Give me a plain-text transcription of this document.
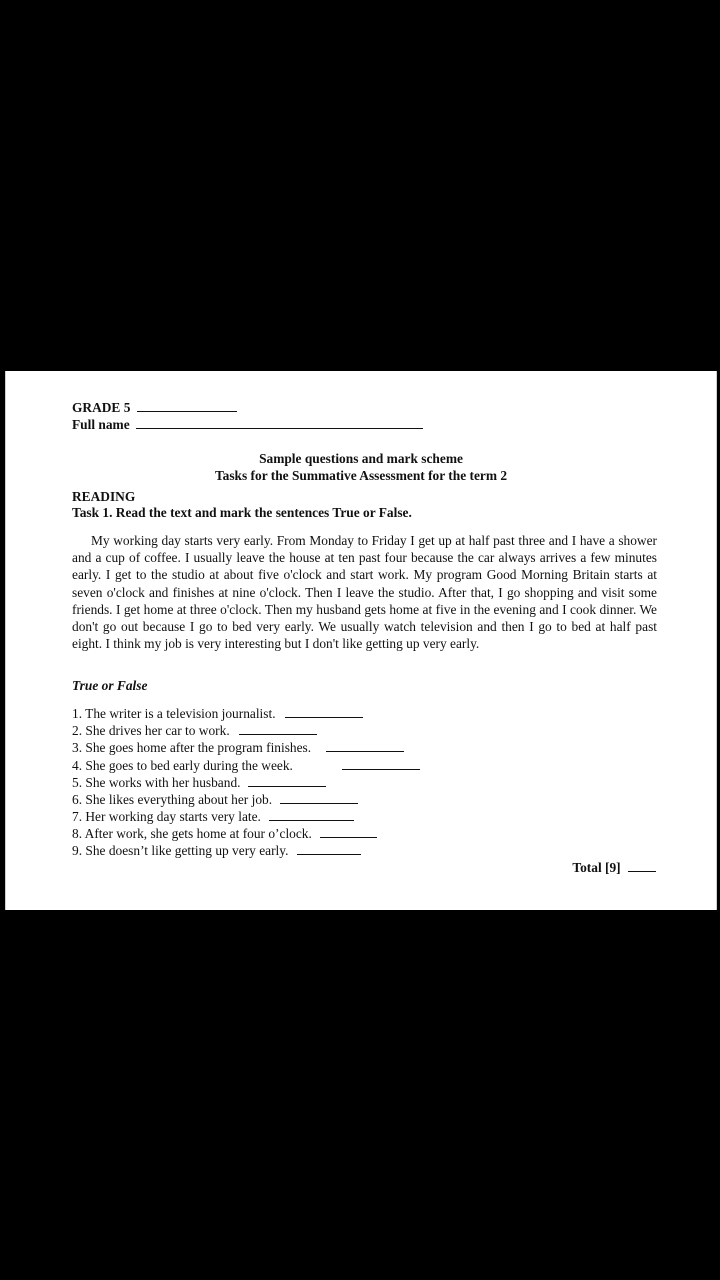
GRADE 5
Full name
Sample questions and mark scheme
Tasks for the Summative Assessment for the term 2
READING
Task 1. Read the text and mark the sentences True or False.
My working day starts very early. From Monday to Friday I get up at half past three and I have a shower and a cup of coffee. I usually leave the house at ten past four because the car always arrives a few minutes early. I get to the studio at about five o'clock and start work. My program Good Morning Britain starts at seven o'clock and finishes at nine o'clock. Then I leave the studio. After that, I go shopping and visit some friends. I get home at three o'clock. Then my husband gets home at five in the evening and I cook dinner. We don't go out because I go to bed very early. We usually watch television and then I go to bed at half past eight. I think my job is very interesting but I don't like getting up very early.
True or False
1. The writer is a television journalist.
2. She drives her car to work.
3. She goes home after the program finishes.
4. She goes to bed early during the week.
5. She works with her husband.
6. She likes everything about her job.
7. Her working day starts very late.
8. After work, she gets home at four o’clock.
9. She doesn’t like getting up very early.
Total [9]
